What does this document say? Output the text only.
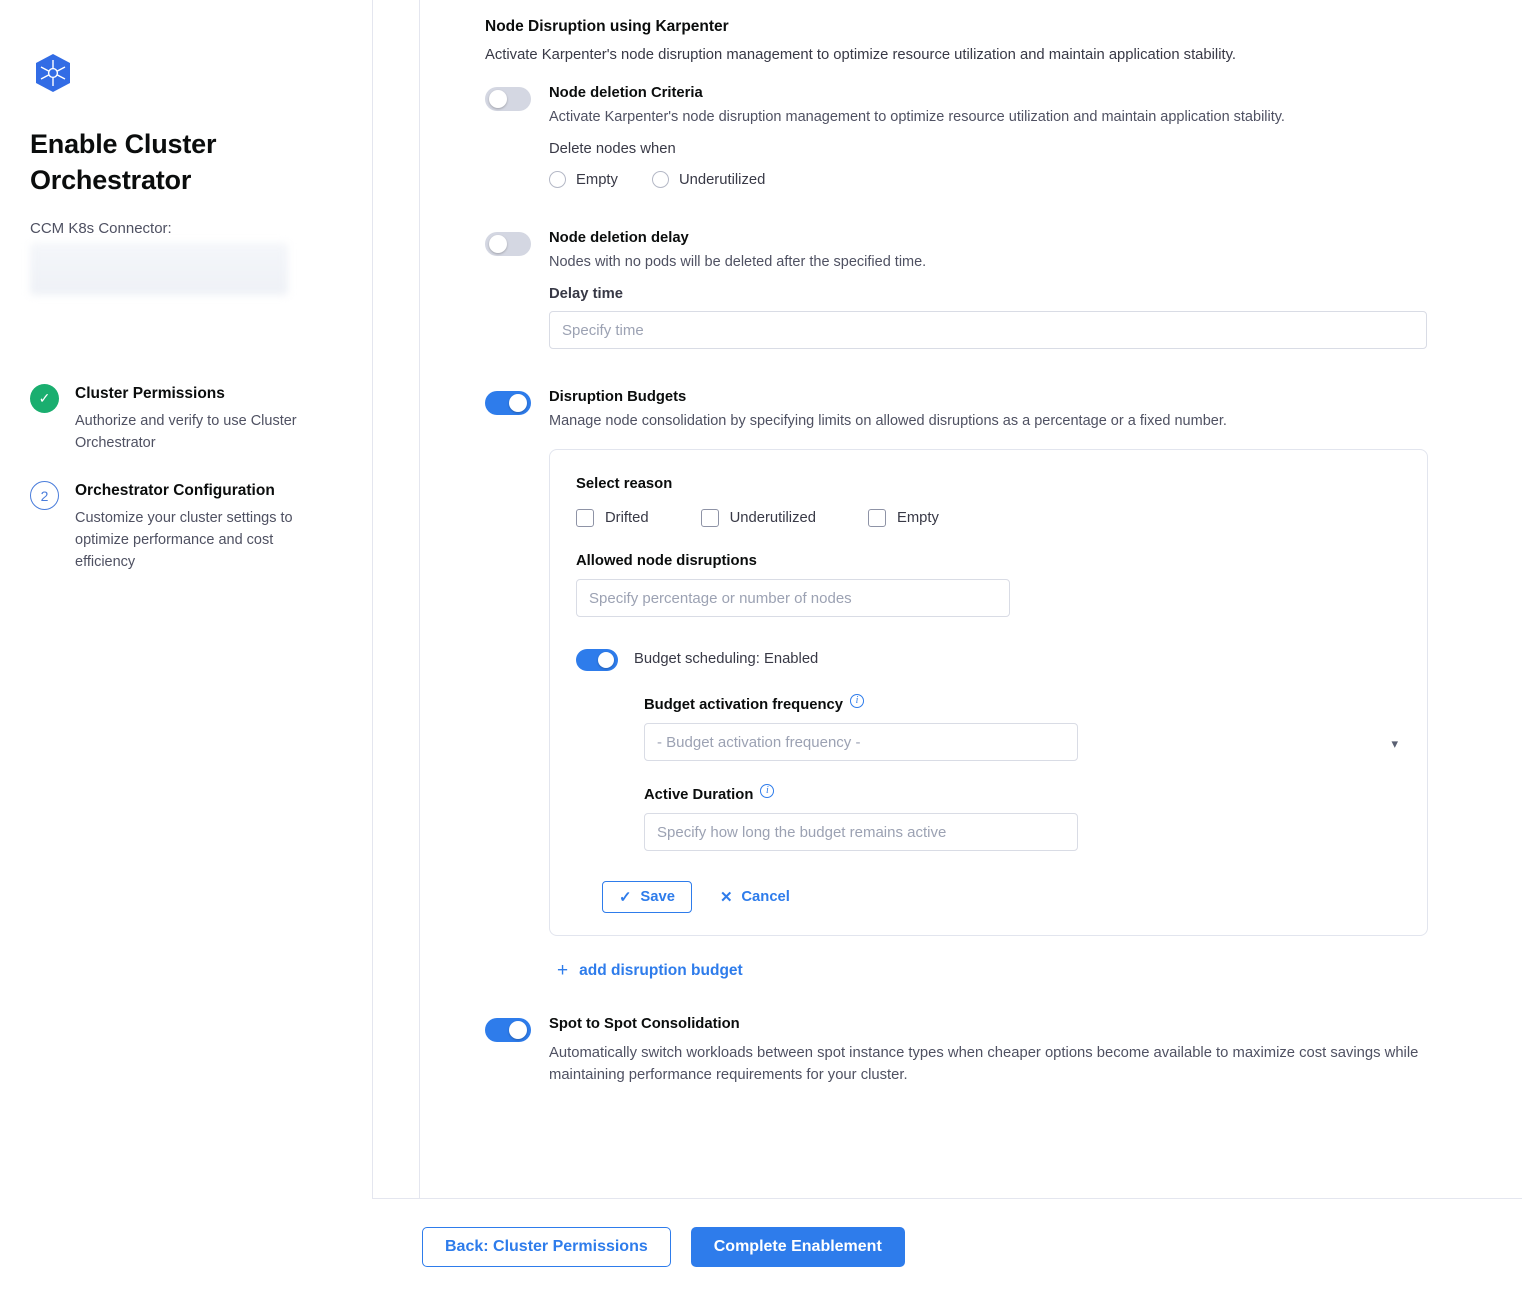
Enable Cluster Orchestrator
CCM K8s Connector:
✓	Cluster Permissions
Authorize and verify to use Cluster Orchestrator
2	Orchestrator Configuration
Customize your cluster settings to optimize performance and cost efficiency
Node Disruption using Karpenter
Activate Karpenter's node disruption management to optimize resource utilization and maintain application stability.
Node deletion Criteria
Activate Karpenter's node disruption management to optimize resource utilization and maintain application stability.
Delete nodes when
Empty	Underutilized
Node deletion delay
Nodes with no pods will be deleted after the specified time.
Delay time
Specify time
Disruption Budgets
Manage node consolidation by specifying limits on allowed disruptions as a percentage or a fixed number.
Select reason
Drifted	Underutilized	Empty
Allowed node disruptions
Specify percentage or number of nodes
Budget scheduling: Enabled
Budget activation frequency	i
- Budget activation frequency -
▾
Active Duration	i
Specify how long the budget remains active
✓ Save	✕ Cancel
+ add disruption budget
Spot to Spot Consolidation
Automatically switch workloads between spot instance types when cheaper options become available to maximize cost savings while maintaining performance requirements for your cluster.
Back: Cluster Permissions	Complete Enablement
